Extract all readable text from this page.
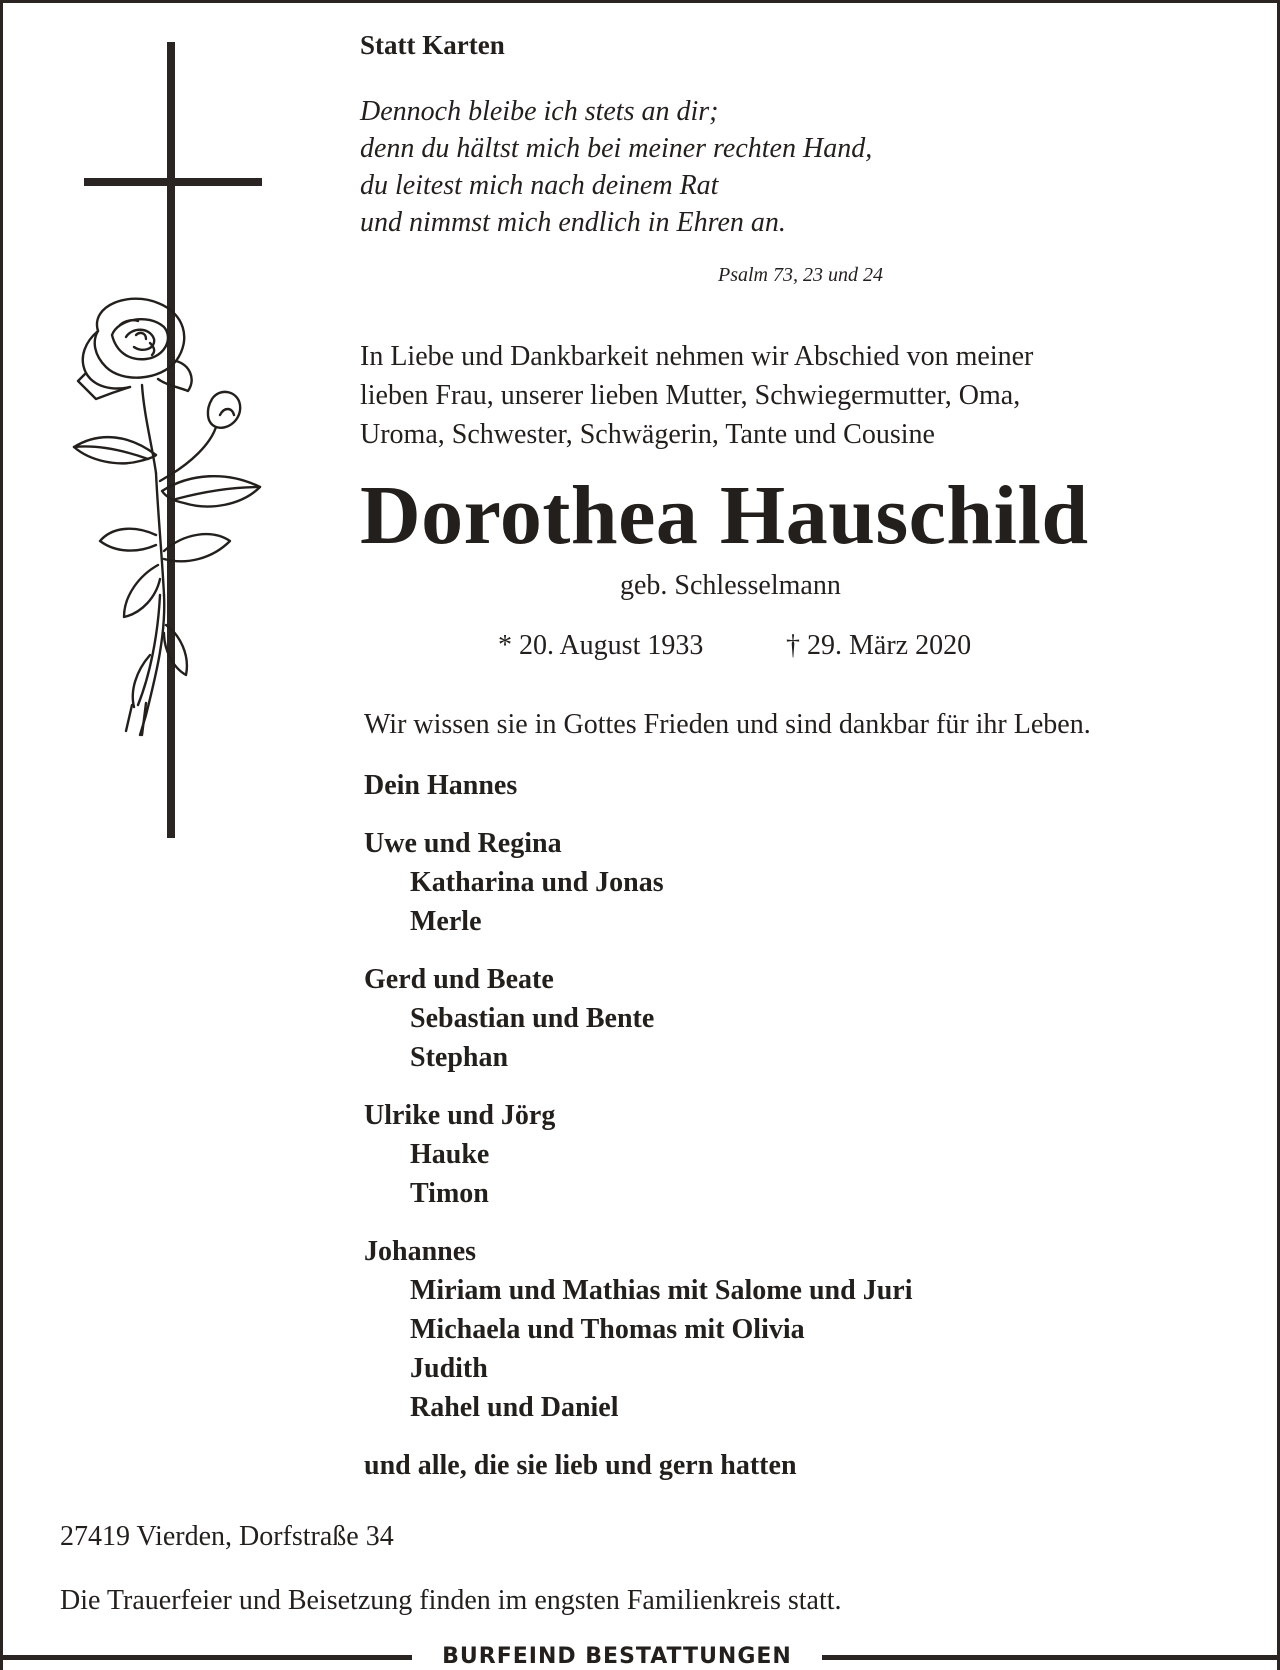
Statt Karten
Dennoch bleibe ich stets an dir;
denn du hältst mich bei meiner rechten Hand,
du leitest mich nach deinem Rat
und nimmst mich endlich in Ehren an.
Psalm 73, 23 und 24
In Liebe und Dankbarkeit nehmen wir Abschied von meiner
lieben Frau, unserer lieben Mutter, Schwiegermutter, Oma,
Uroma, Schwester, Schwägerin, Tante und Cousine
Dorothea Hauschild
geb. Schlesselmann
* 20. August 1933	† 29. März 2020
Wir wissen sie in Gottes Frieden und sind dankbar für ihr Leben.
Dein Hannes
Uwe und Regina
Katharina und Jonas
Merle
Gerd und Beate
Sebastian und Bente
Stephan
Ulrike und Jörg
Hauke
Timon
Johannes
Miriam und Mathias mit Salome und Juri
Michaela und Thomas mit Olivia
Judith
Rahel und Daniel
und alle, die sie lieb und gern hatten
27419 Vierden, Dorfstraße 34
Die Trauerfeier und Beisetzung finden im engsten Familienkreis statt.
BURFEIND BESTATTUNGEN
